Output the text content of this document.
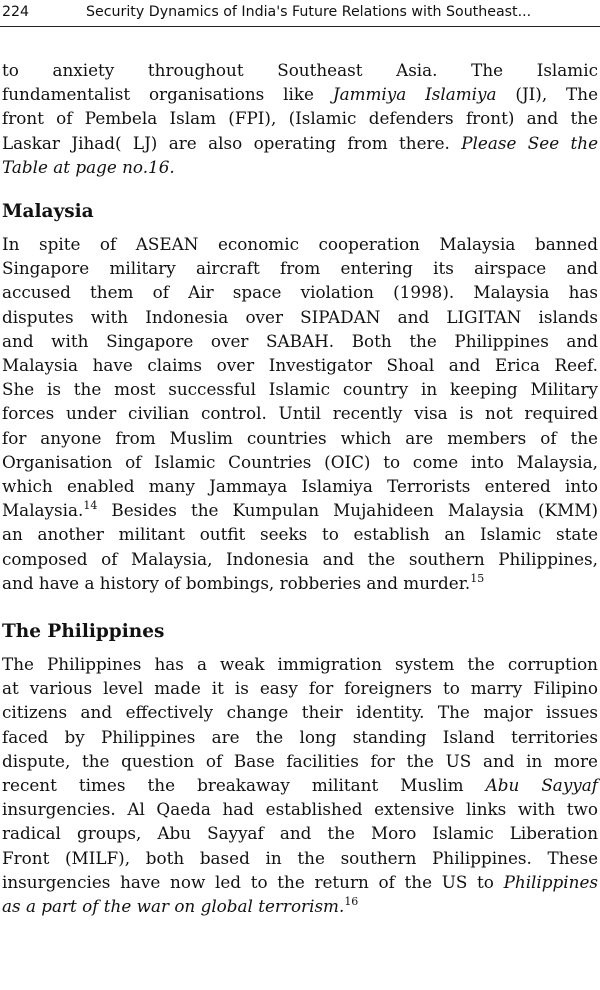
224	Security Dynamics of India's Future Relations with Southeast...

to anxiety throughout Southeast Asia. The Islamic
fundamentalist organisations like Jammiya Islamiya (JI), The
front of Pembela Islam (FPI), (Islamic defenders front) and the
Laskar Jihad( LJ) are also operating from there. Please See the
Table at page no.16.

Malaysia

In spite of ASEAN economic cooperation Malaysia banned
Singapore military aircraft from entering its airspace and
accused them of Air space violation (1998). Malaysia has
disputes with Indonesia over SIPADAN and LIGITAN islands
and with Singapore over SABAH. Both the Philippines and
Malaysia have claims over Investigator Shoal and Erica Reef.
She is the most successful Islamic country in keeping Military
forces under civilian control. Until recently visa is not required
for anyone from Muslim countries which are members of the
Organisation of Islamic Countries (OIC) to come into Malaysia,
which enabled many Jammaya Islamiya Terrorists entered into
Malaysia.$^{14}$ Besides the Kumpulan Mujahideen Malaysia (KMM)
an another militant outfit seeks to establish an Islamic state
composed of Malaysia, Indonesia and the southern Philippines,
and have a history of bombings, robberies and murder.$^{15}$

The Philippines

The Philippines has a weak immigration system the corruption
at various level made it is easy for foreigners to marry Filipino
citizens and effectively change their identity. The major issues
faced by Philippines are the long standing Island territories
dispute, the question of Base facilities for the US and in more
recent times the breakaway militant Muslim Abu Sayyaf
insurgencies. Al Qaeda had established extensive links with two
radical groups, Abu Sayyaf and the Moro Islamic Liberation
Front (MILF), both based in the southern Philippines. These
insurgencies have now led to the return of the US to Philippines
as a part of the war on global terrorism.$^{16}$
